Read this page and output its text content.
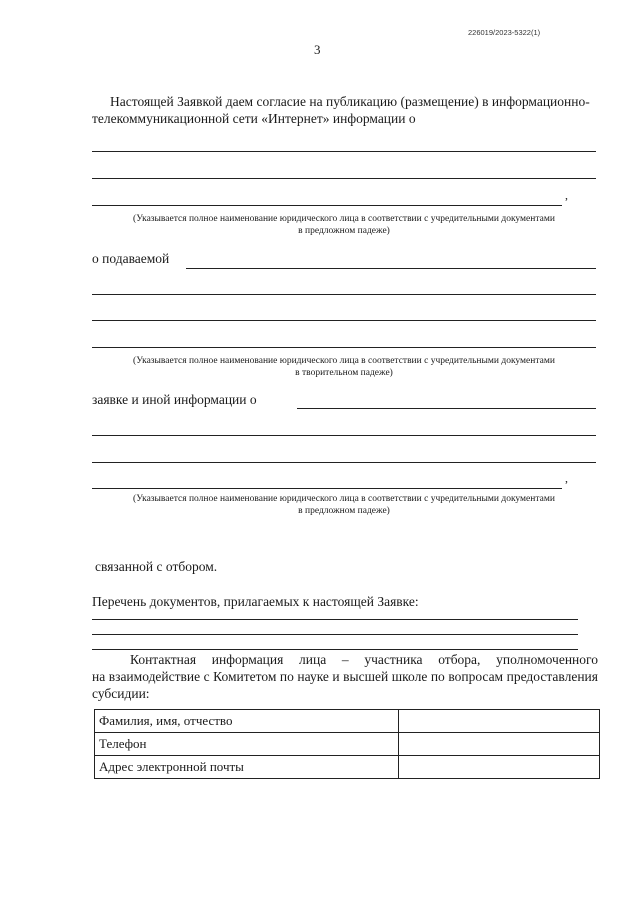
226019/2023-5322(1)
3
Настоящей Заявкой даем согласие на публикацию (размещение) в информационно-
телекоммуникационной сети «Интернет» информации о
,
(Указывается полное наименование юридического лица в соответствии с учредительными документами
в предложном падеже)
о подаваемой
(Указывается полное наименование юридического лица в соответствии с учредительными документами
в творительном падеже)
заявке и иной информации о
,
(Указывается полное наименование юридического лица в соответствии с учредительными документами
в предложном падеже)
связанной с отбором.
Перечень документов, прилагаемых к настоящей Заявке:
Контактная информация лица – участника отбора, уполномоченного
на взаимодействие с Комитетом по науке и высшей школе по вопросам предоставления
субсидии:
Фамилия, имя, отчество	
Телефон	
Адрес электронной почты	
